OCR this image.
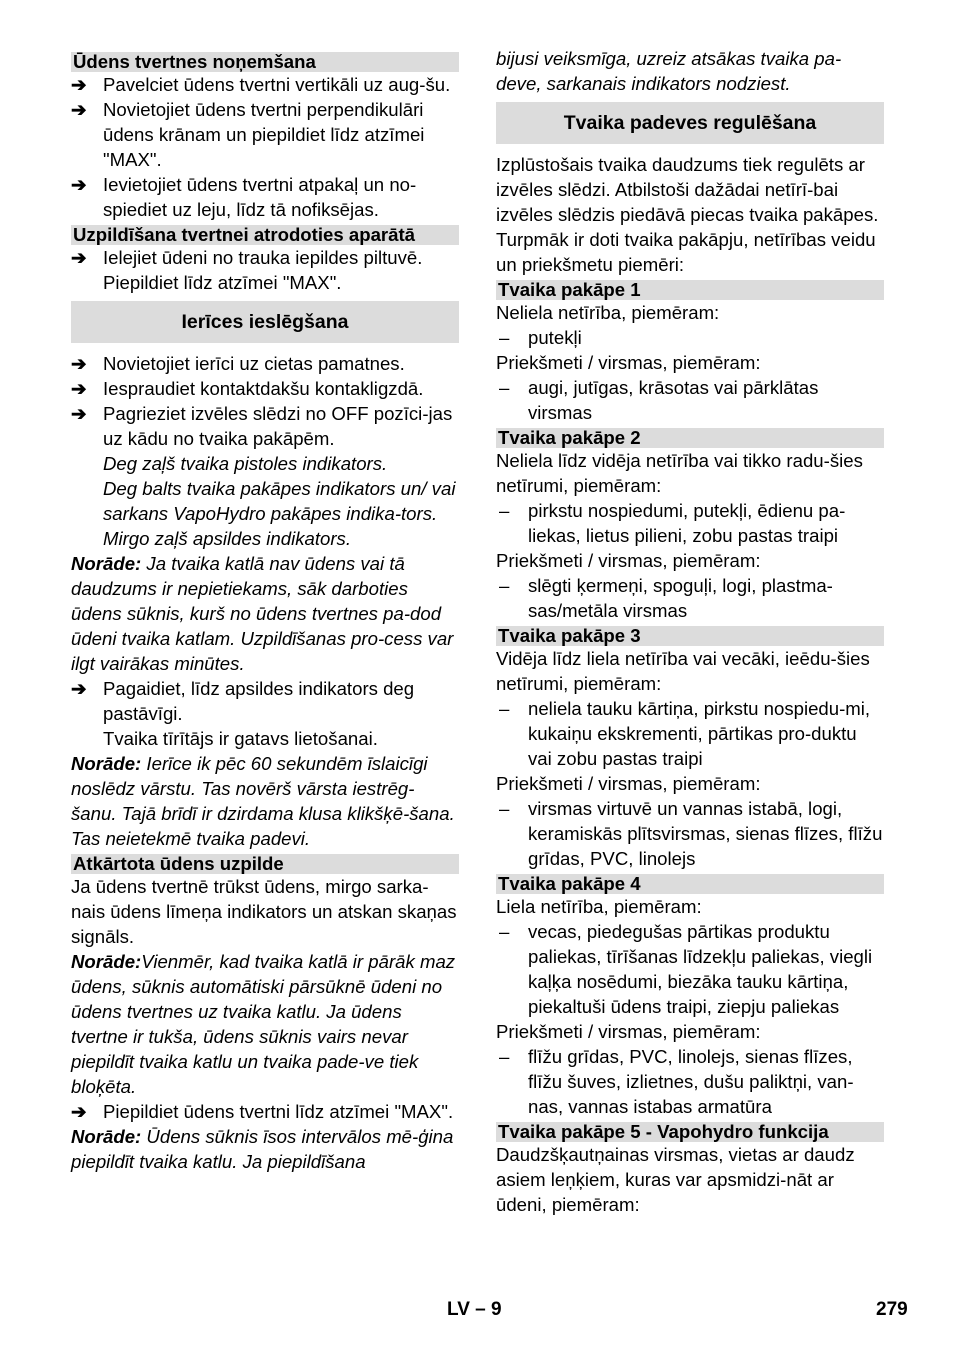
Ūdens tvertnes noņemšana
➔ Pavelciet ūdens tvertni vertikāli uz aug-šu.
➔ Novietojiet ūdens tvertni perpendikulāri ūdens krānam un piepildiet līdz atzīmei "MAX".
➔ Ievietojiet ūdens tvertni atpakaļ un no-spiediet uz leju, līdz tā nofiksējas.
Uzpildīšana tvertnei atrodoties aparātā
➔ Ielejiet ūdeni no trauka iepildes piltuvē. Piepildiet līdz atzīmei "MAX".
Ierīces ieslēgšana
➔ Novietojiet ierīci uz cietas pamatnes.
➔ Iespraudiet kontaktdakšu kontakligzdā.
➔ Pagrieziet izvēles slēdzi no OFF pozīci-jas uz kādu no tvaika pakāpēm.
Deg zaļš tvaika pistoles indikators.
Deg balts tvaika pakāpes indikators un/ vai sarkans VapoHydro pakāpes indika-tors.
Mirgo zaļš apsildes indikators.
Norāde: Ja tvaika katlā nav ūdens vai tā daudzums ir nepietiekams, sāk darboties ūdens sūknis, kurš no ūdens tvertnes pa-dod ūdeni tvaika katlam. Uzpildīšanas pro-cess var ilgt vairākas minūtes.
➔ Pagaidiet, līdz apsildes indikators deg pastāvīgi.
Tvaika tīrītājs ir gatavs lietošanai.
Norāde: Ierīce ik pēc 60 sekundēm īslaicīgi noslēdz vārstu. Tas novērš vārsta iestrēg-šanu. Tajā brīdī ir dzirdama klusa klikšķē-šana. Tas neietekmē tvaika padevi.
Atkārtota ūdens uzpilde
Ja ūdens tvertnē trūkst ūdens, mirgo sarka-nais ūdens līmeņa indikators un atskan skaņas signāls.
Norāde:Vienmēr, kad tvaika katlā ir pārāk maz ūdens, sūknis automātiski pārsūknē ūdeni no ūdens tvertnes uz tvaika katlu. Ja ūdens tvertne ir tukša, ūdens sūknis vairs nevar piepildīt tvaika katlu un tvaika pade-ve tiek bloķēta.
➔ Piepildiet ūdens tvertni līdz atzīmei "MAX".
Norāde: Ūdens sūknis īsos intervālos mē-ģina piepildīt tvaika katlu. Ja piepildīšana
bijusi veiksmīga, uzreiz atsākas tvaika pa-deve, sarkanais indikators nodziest.
Tvaika padeves regulēšana
Izplūstošais tvaika daudzums tiek regulēts ar izvēles slēdzi. Atbilstoši dažādai netīrī-bai izvēles slēdzis piedāvā piecas tvaika pakāpes. Turpmāk ir doti tvaika pakāpju, netīrības veidu un priekšmetu piemēri:
Tvaika pakāpe 1
Neliela netīrība, piemēram:
–	putekļi
Priekšmeti / virsmas, piemēram:
–	augi, jutīgas, krāsotas vai pārklātas virsmas
Tvaika pakāpe 2
Neliela līdz vidēja netīrība vai tikko radu-šies netīrumi, piemēram:
–	pirkstu nospiedumi, putekļi, ēdienu pa-liekas, lietus pilieni, zobu pastas traipi
Priekšmeti / virsmas, piemēram:
–	slēgti ķermeņi, spoguļi, logi, plastma-sas/metāla virsmas
Tvaika pakāpe 3
Vidēja līdz liela netīrība vai vecāki, ieēdu-šies netīrumi, piemēram:
–	neliela tauku kārtiņa, pirkstu nospiedu-mi, kukaiņu ekskrementi, pārtikas pro-duktu vai zobu pastas traipi
Priekšmeti / virsmas, piemēram:
–	virsmas virtuvē un vannas istabā, logi, keramiskās plītsvirsmas, sienas flīzes, flīžu grīdas, PVC, linolejs
Tvaika pakāpe 4
Liela netīrība, piemēram:
–	vecas, piedegušas pārtikas produktu paliekas, tīrīšanas līdzekļu paliekas, viegli kaļķa nosēdumi, biezāka tauku kārtiņa, piekaltuši ūdens traipi, ziepju paliekas
Priekšmeti / virsmas, piemēram:
–	flīžu grīdas, PVC, linolejs, sienas flīzes, flīžu šuves, izlietnes, dušu paliktņi, van-nas, vannas istabas armatūra
Tvaika pakāpe 5 - Vapohydro funkcija
Daudzšķautņainas virsmas, vietas ar daudz asiem leņķiem, kuras var apsmidzi-nāt ar ūdeni, piemēram:
LV – 9	279
